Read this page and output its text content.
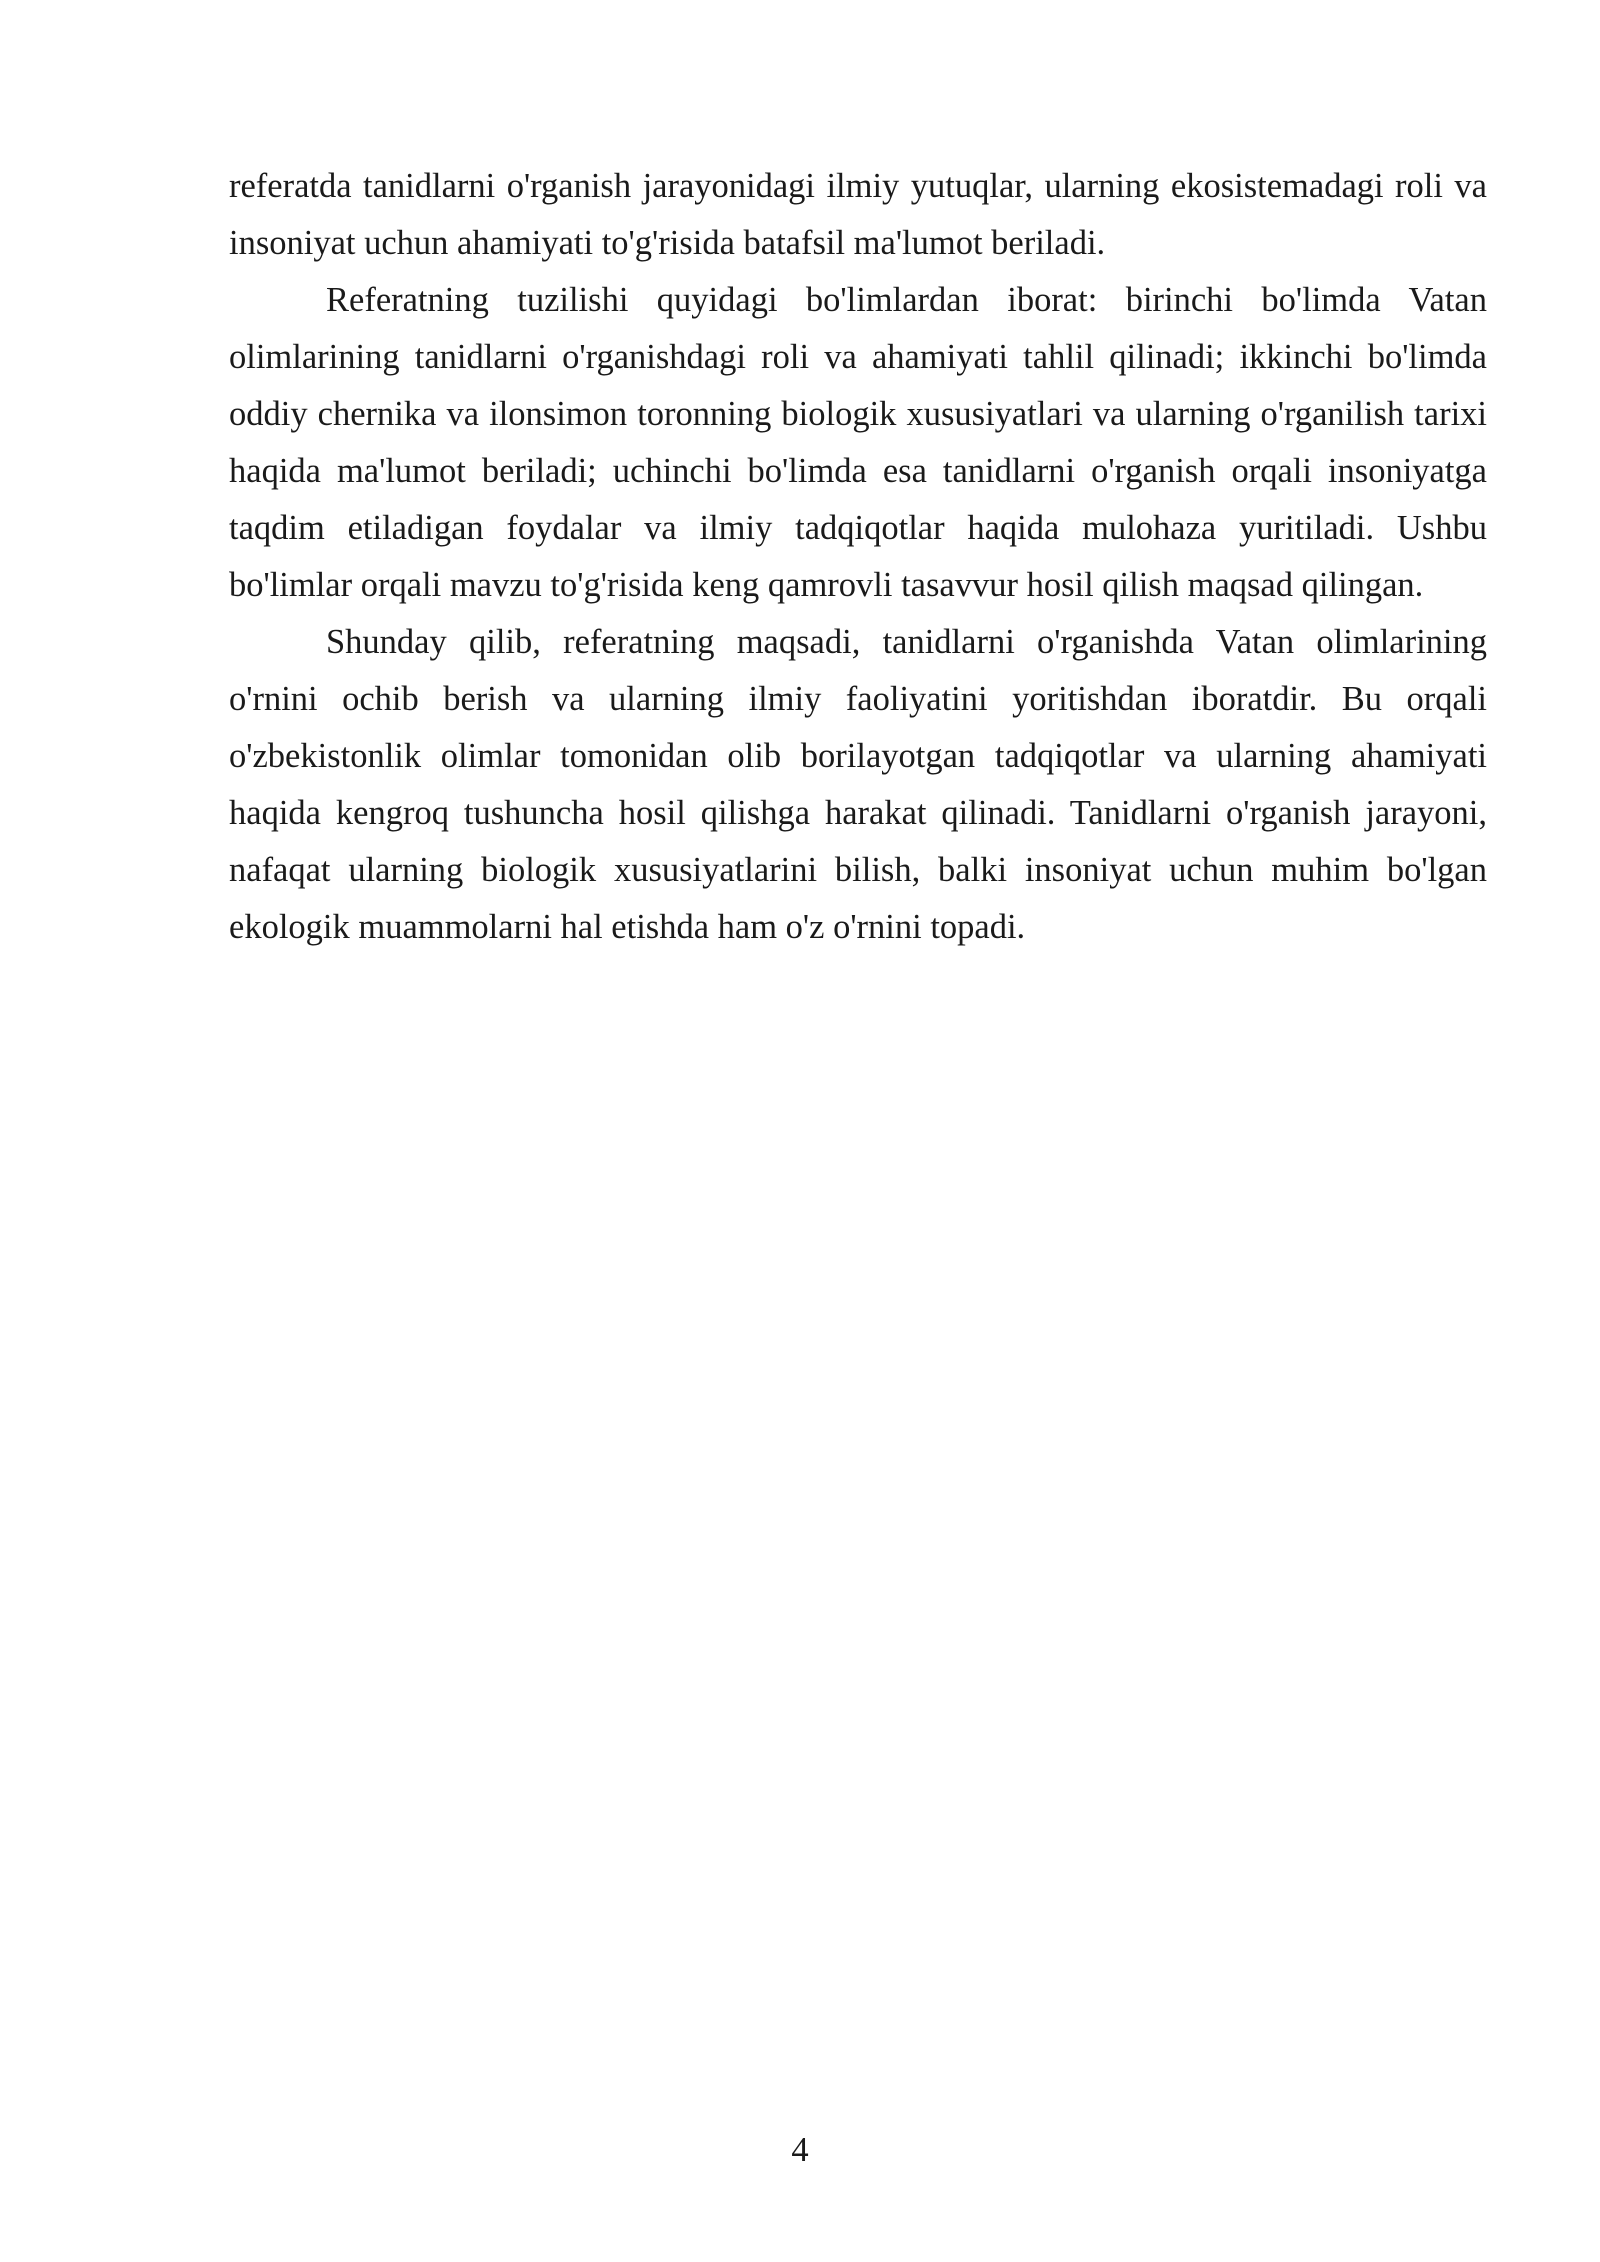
referatda tanidlarni o'rganish jarayonidagi ilmiy yutuqlar, ularning ekosistemadagi roli va insoniyat uchun ahamiyati to'g'risida batafsil ma'lumot beriladi.

Referatning tuzilishi quyidagi bo'limlardan iborat: birinchi bo'limda Vatan olimlarining tanidlarni o'rganishdagi roli va ahamiyati tahlil qilinadi; ikkinchi bo'limda oddiy chernika va ilonsimon toronning biologik xususiyatlari va ularning o'rganilish tarixi haqida ma'lumot beriladi; uchinchi bo'limda esa tanidlarni o'rganish orqali insoniyatga taqdim etiladigan foydalar va ilmiy tadqiqotlar haqida mulohaza yuritiladi. Ushbu bo'limlar orqali mavzu to'g'risida keng qamrovli tasavvur hosil qilish maqsad qilingan.

Shunday qilib, referatning maqsadi, tanidlarni o'rganishda Vatan olimlarining o'rnini ochib berish va ularning ilmiy faoliyatini yoritishdan iboratdir. Bu orqali o'zbekistonlik olimlar tomonidan olib borilayotgan tadqiqotlar va ularning ahamiyati haqida kengroq tushuncha hosil qilishga harakat qilinadi. Tanidlarni o'rganish jarayoni, nafaqat ularning biologik xususiyatlarini bilish, balki insoniyat uchun muhim bo'lgan ekologik muammolarni hal etishda ham o'z o'rnini topadi.

4
